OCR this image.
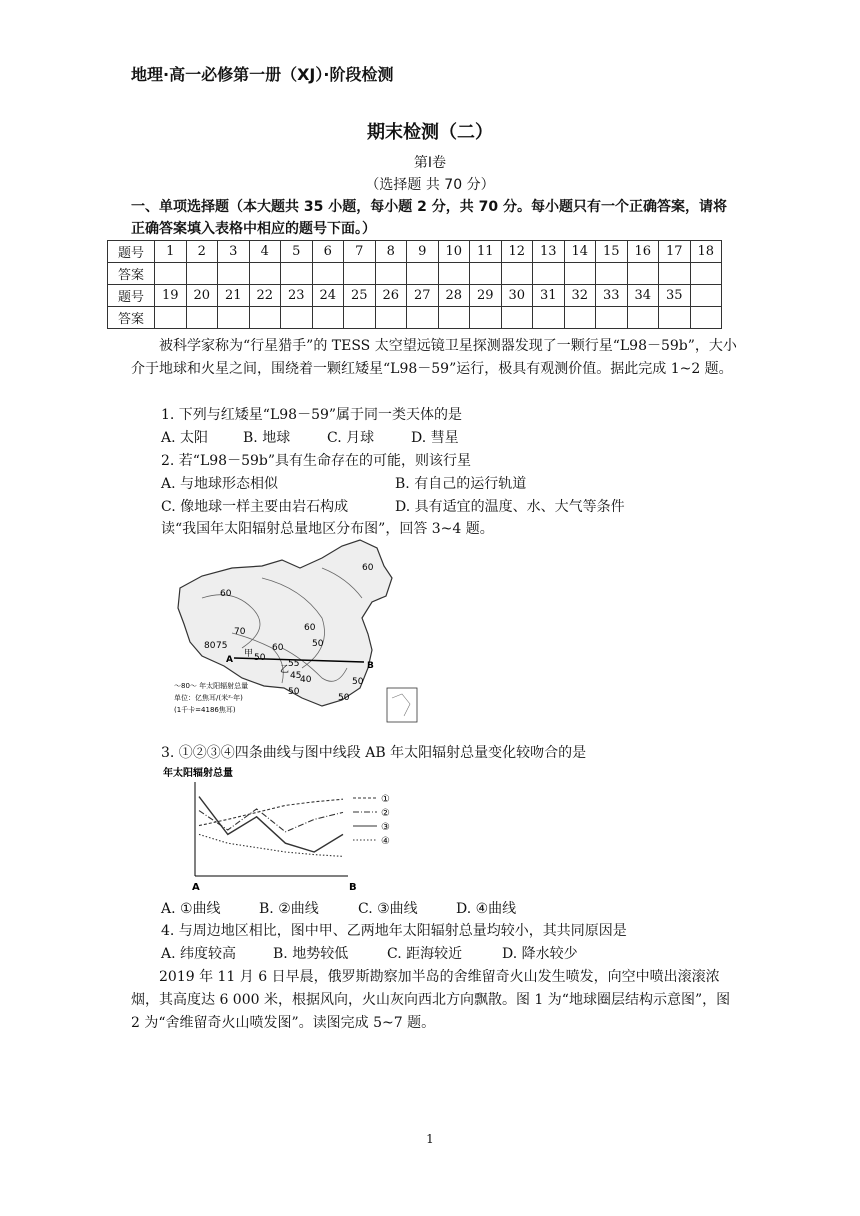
地理·高一必修第一册（XJ）·阶段检测
期末检测（二）
第Ⅰ卷
（选择题 共 70 分）
一、单项选择题（本大题共 35 小题，每小题 2 分，共 70 分。每小题只有一个正确答案，请将正确答案填入表格中相应的题号下面。）
题号	1	2	3	4	5	6	7	8	9	10	11	12	13	14	15	16	17	18
答案																		
题号	19	20	21	22	23	24	25	26	27	28	29	30	31	32	33	34	35	
答案																		
被科学家称为“行星猎手”的 TESS 太空望远镜卫星探测器发现了一颗行星“L98－59b”，大小介于地球和火星之间，围绕着一颗红矮星“L98－59”运行，极具有观测价值。据此完成 1~2 题。
1. 下列与红矮星“L98－59”属于同一类天体的是
A. 太阳 B. 地球	C. 月球	D. 彗星
2. 若“L98－59b”具有生命存在的可能，则该行星
A. 与地球形态相似	B. 有自己的运行轨道
C. 像地球一样主要由岩石构成	D. 具有适宜的温度、水、大气等条件
读“我国年太阳辐射总量地区分布图”，回答 3~4 题。
60
60
70
80 75
50
60
60	50
55
45
40
50
50
50
A
B
甲
乙
～80～ 年太阳辐射总量
单位：亿焦耳/(米²·年)
(1千卡=4186焦耳)
3. ①②③④四条曲线与图中线段 AB 年太阳辐射总量变化较吻合的是
年太阳辐射总量
A	B
①
②
③
④
A. ①曲线	B. ②曲线	C. ③曲线	D. ④曲线
4. 与周边地区相比，图中甲、乙两地年太阳辐射总量均较小，其共同原因是
A. 纬度较高	B. 地势较低	C. 距海较近	D. 降水较少
2019 年 11 月 6 日早晨，俄罗斯勘察加半岛的舍维留奇火山发生喷发，向空中喷出滚滚浓烟，其高度达 6 000 米，根据风向，火山灰向西北方向飘散。图 1 为“地球圈层结构示意图”，图 2 为“舍维留奇火山喷发图”。读图完成 5~7 题。
1
